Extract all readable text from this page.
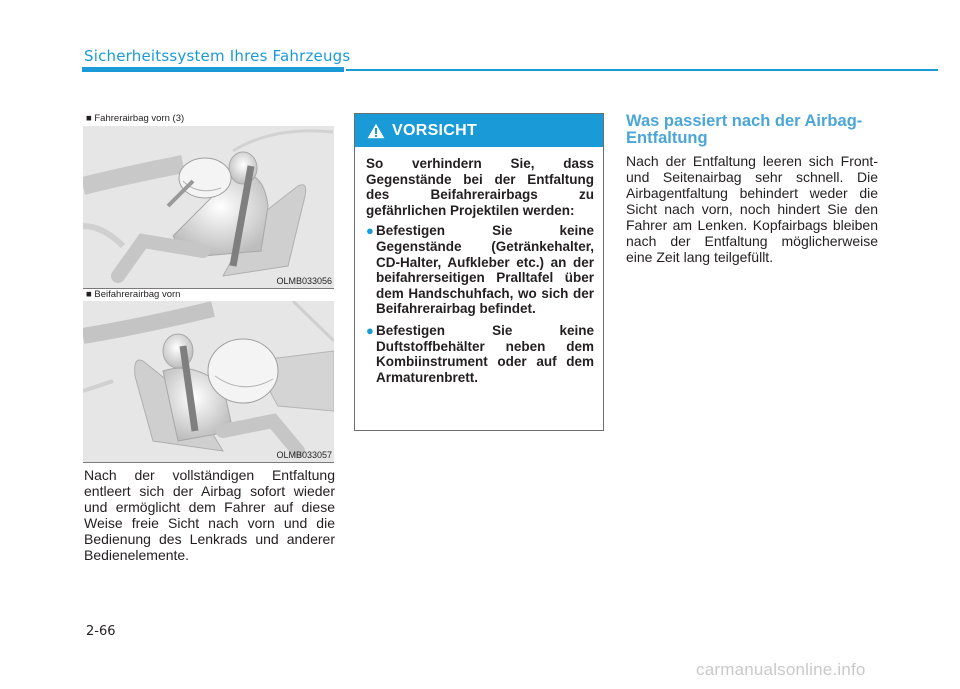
Sicherheitssystem Ihres Fahrzeugs
■ Fahrerairbag vorn (3)
OLMB033056
■ Beifahrerairbag vorn
OLMB033057

Nach der vollständigen Entfaltung entleert sich der Airbag sofort wieder und ermöglicht dem Fahrer auf diese Weise freie Sicht nach vorn und die Bedienung des Lenkrads und anderer Bedienelemente.

VORSICHT

So verhindern Sie, dass Gegenstände bei der Entfaltung des Beifahrerairbags zu gefährlichen Projektilen werden:

● Befestigen Sie keine Gegenstände (Getränkehalter, CD-Halter, Aufkleber etc.) an der beifahrerseitigen Pralltafel über dem Handschuhfach, wo sich der Beifahrerairbag befindet.
● Befestigen Sie keine Duftstoffbehälter neben dem Kombiinstrument oder auf dem Armaturenbrett.
Was passiert nach der Airbag-Entfaltung

Nach der Entfaltung leeren sich Front- und Seitenairbag sehr schnell. Die Airbagentfaltung behindert weder die Sicht nach vorn, noch hindert Sie den Fahrer am Lenken. Kopfairbags bleiben nach der Entfaltung möglicherweise eine Zeit lang teilgefüllt.

2-66
carmanualsonline.info
